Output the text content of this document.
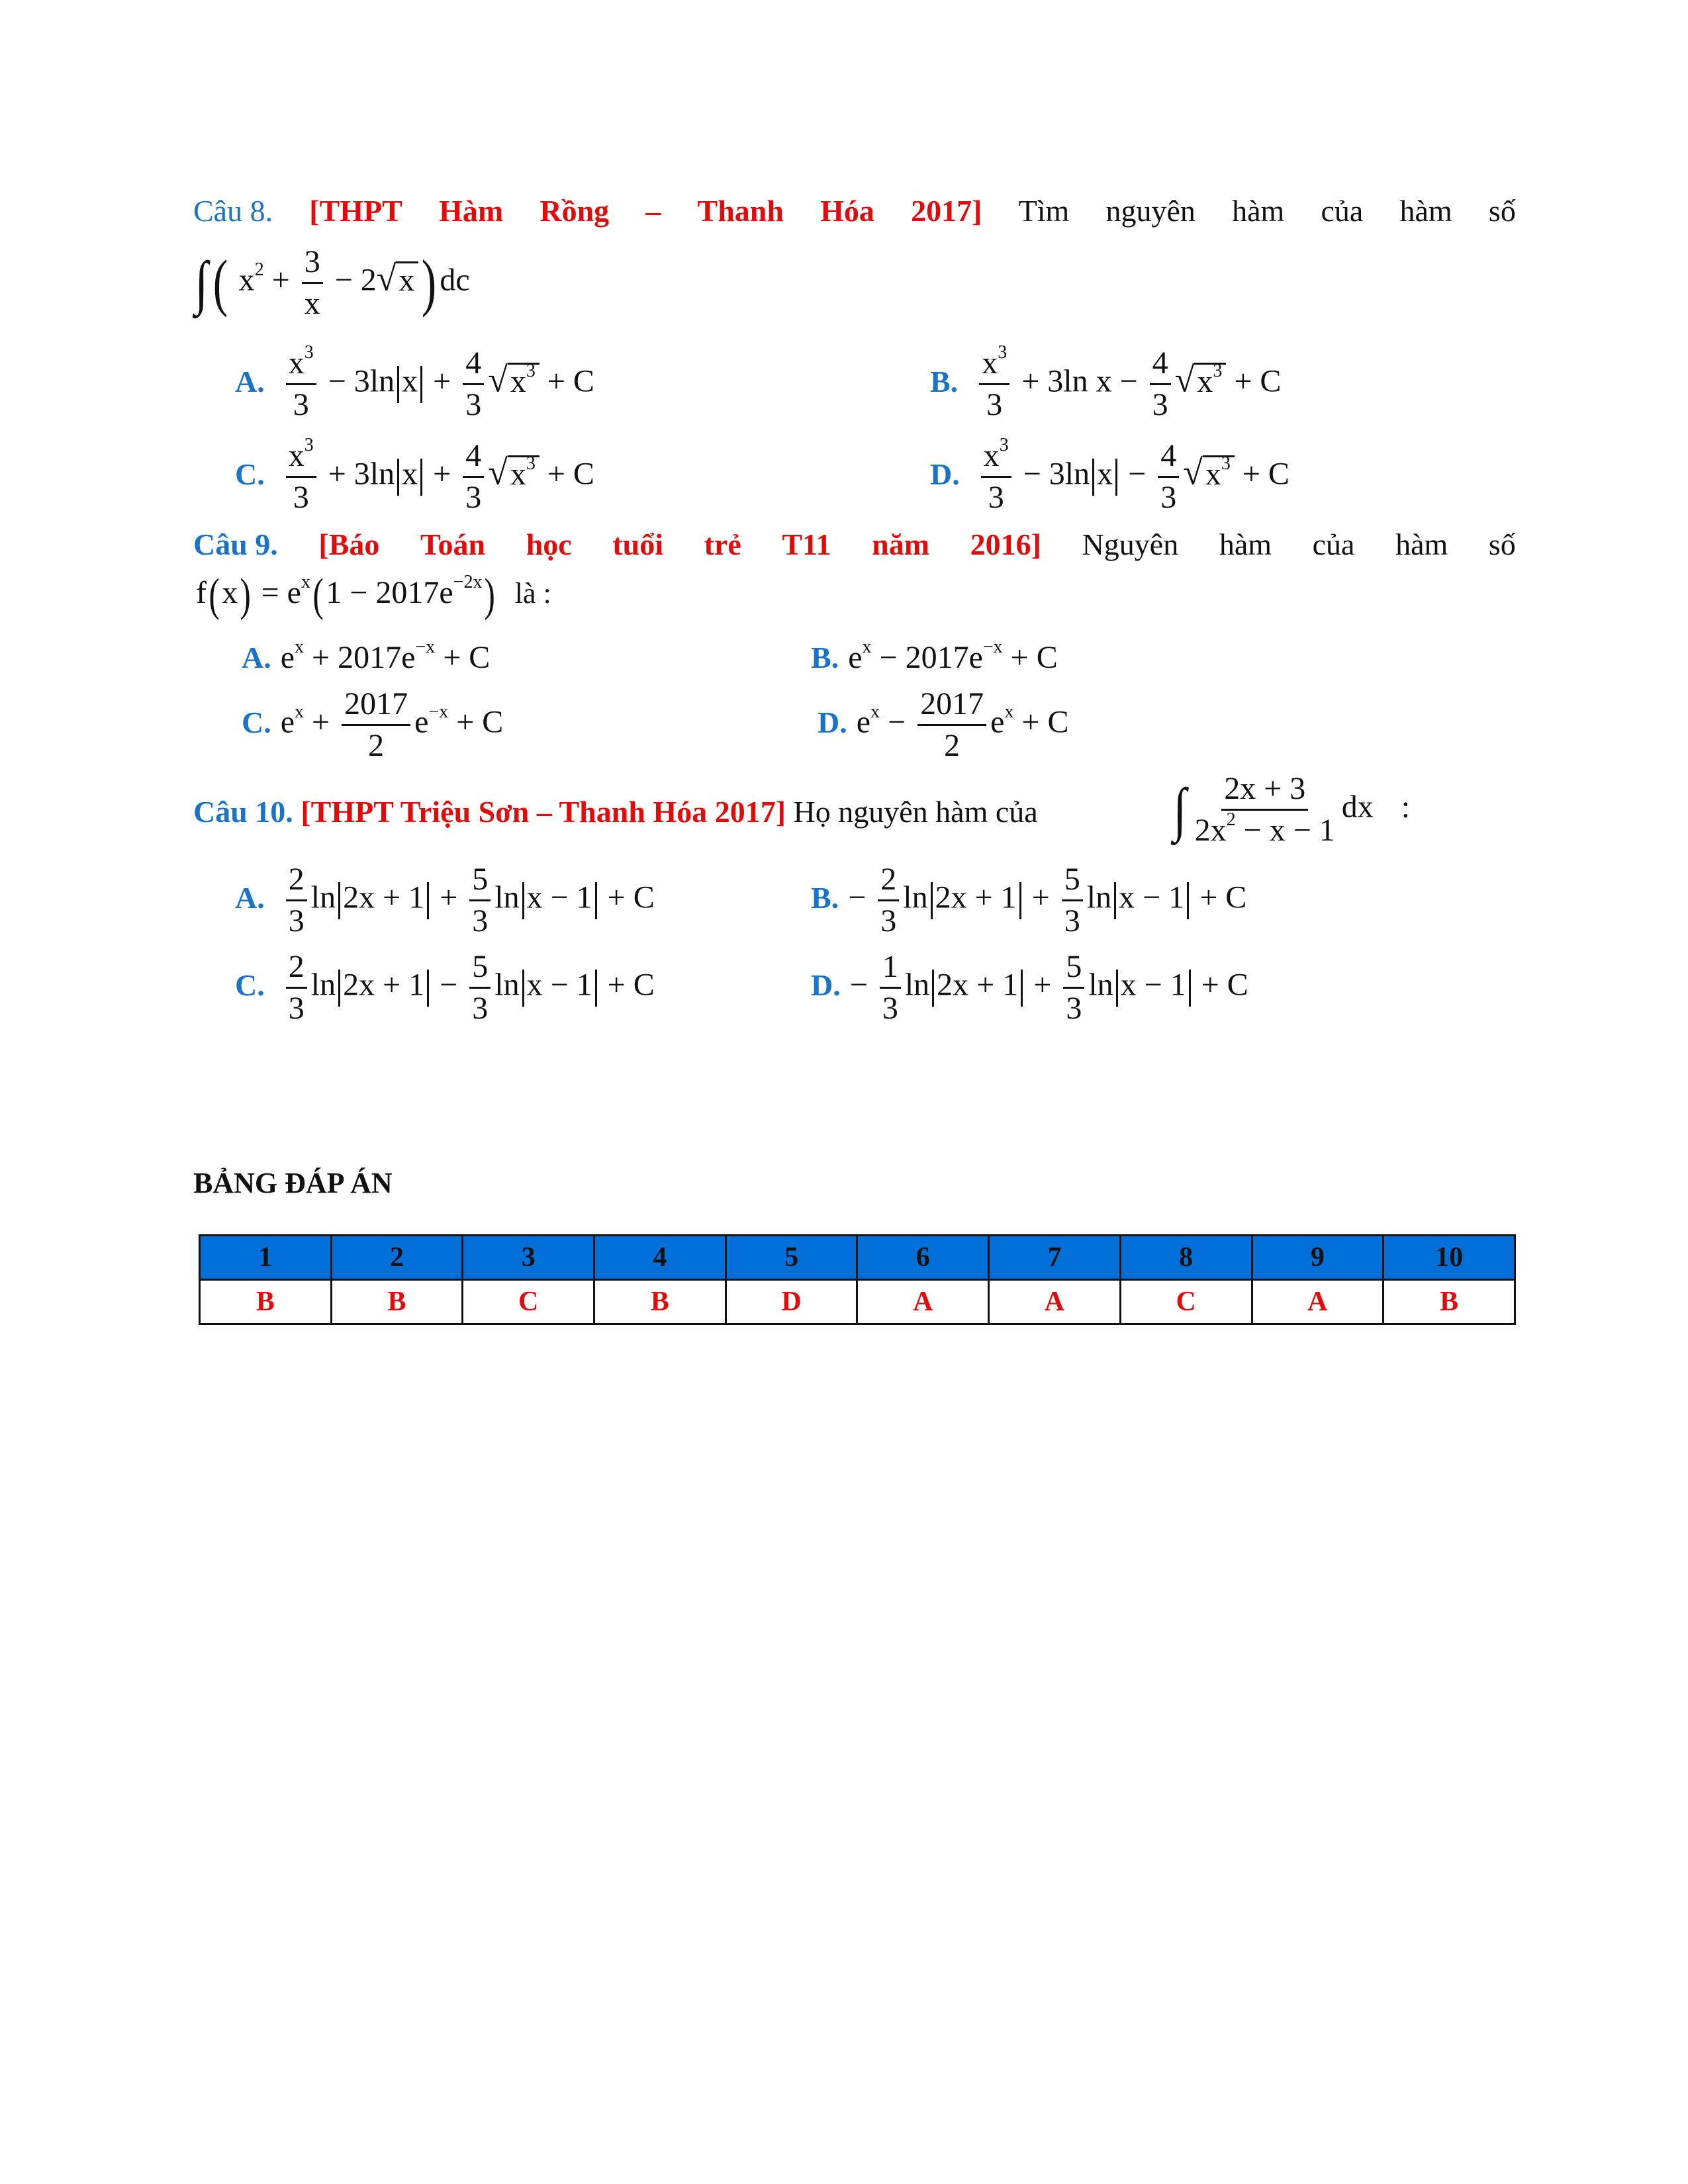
Câu 8. [THPT Hàm Rồng – Thanh Hóa 2017] Tìm nguyên hàm của hàm số
∫( $x^2 + \frac{3}{x} - 2√x$ )dc
A. $\frac{x^3}{3} - 3\ln$ $x + \frac{4}{3} √x^3 + C$	B. $\frac{x^3}{3} + 3\ln$ $x - \frac{4}{3} √x^3 + C$
C. $\frac{x^3}{3} + 3\ln$ $x + \frac{4}{3} √x^3 + C$	D. $\frac{x^3}{3} - 3\ln$ $x - \frac{4}{3} √x^3 + C$
Câu 9. [Báo Toán học tuổi trẻ T11 năm 2016] Nguyên hàm của hàm số
$f(x) = e^x(1 - 2017e^{-2x})$ là :
A. $e^x + 2017e^{-x} + C$	B. $e^x - 2017e^{-x} + C$
C. $e^x + \frac{2017}{2} e^{-x} + C$	D. $e^x - \frac{2017}{2} e^x + C$
Câu 10. [THPT Triệu Sơn – Thanh Hóa 2017] Họ nguyên hàm của ∫ $\frac{2x + 3}{2x^2 - x - 1}$ dx :
A. $\frac{2}{3}$ $\ln 2x + 1 + \frac{5}{3}$ ln x − 1 + C	B. − $\frac{2}{3}$ $\ln 2x + 1 + \frac{5}{3}$ ln x − 1 + C
C. $\frac{2}{3}$ $\ln 2x + 1 - \frac{5}{3}$ ln x − 1 + C	D. − $\frac{1}{3}$ $\ln 2x + 1 + \frac{5}{3}$ ln x − 1 + C
BẢNG ĐÁP ÁN
1	2	3	4	5	6	7	8	9	10
B	B	C	B	D	A	A	C	A	B
